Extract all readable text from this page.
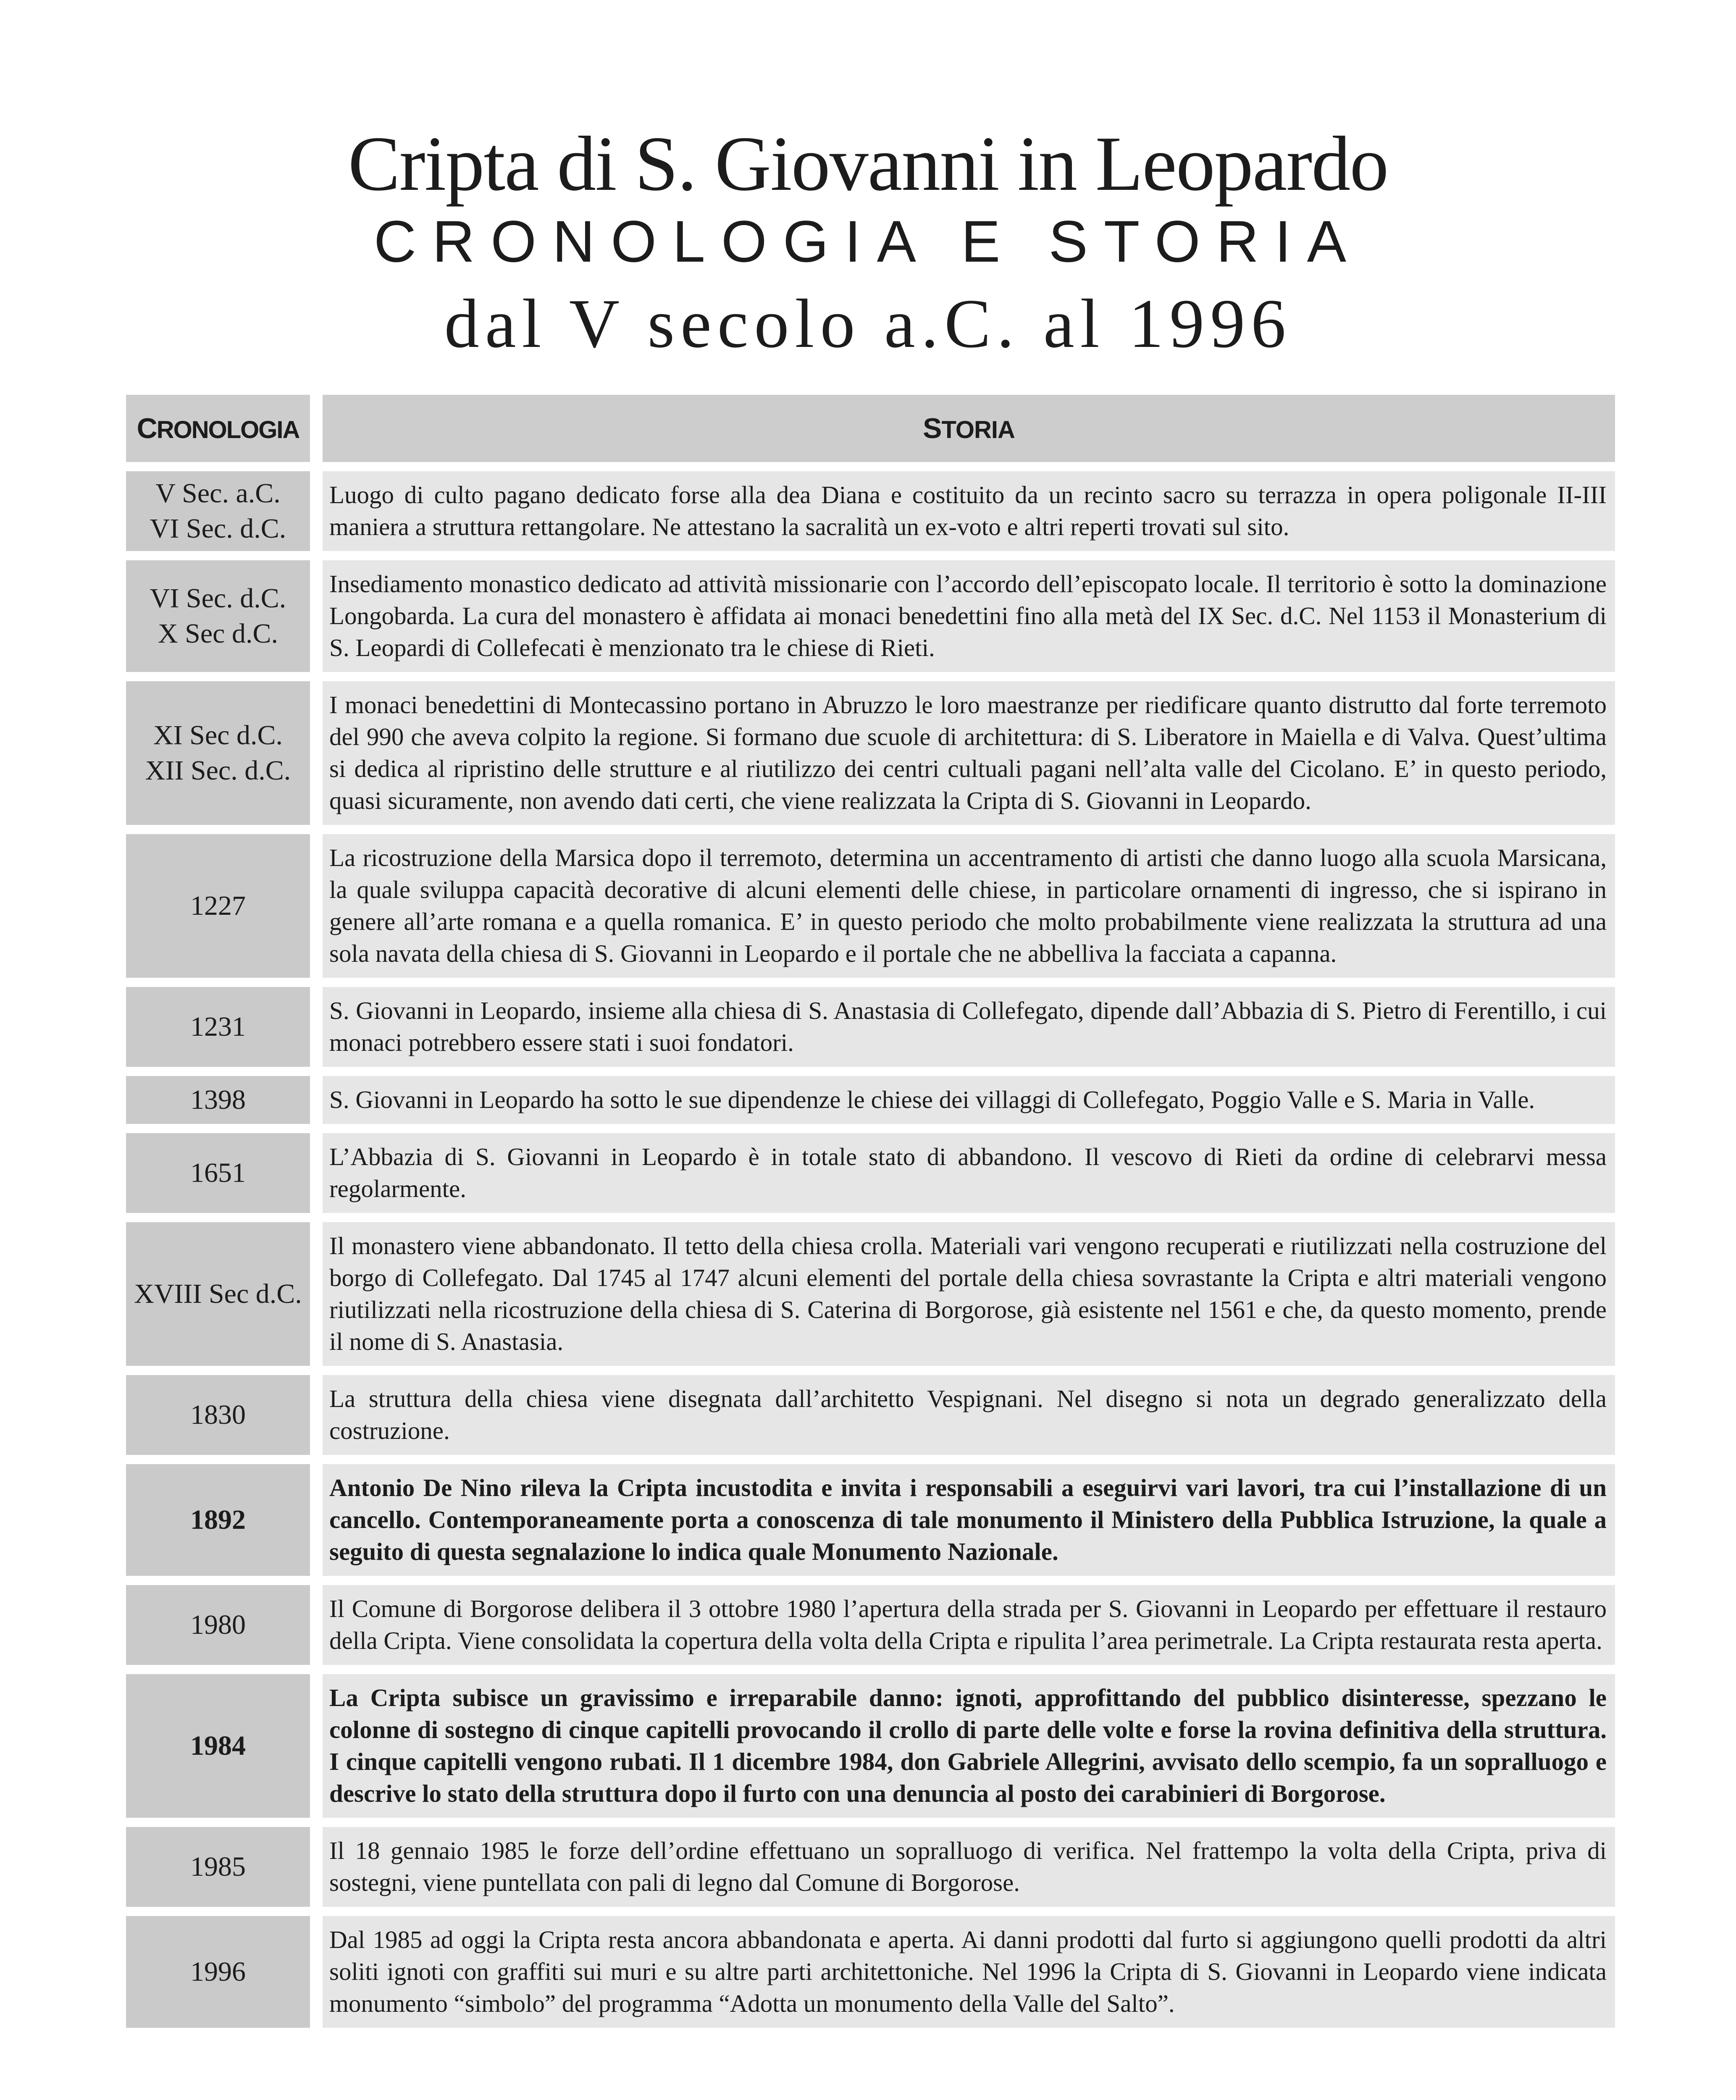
Cripta di S. Giovanni in Leopardo
CRONOLOGIA E STORIA
dal V secolo a.C. al 1996
CRONOLOGIA	STORIA
V Sec. a.C.
VI Sec. d.C.
Luogo di culto pagano dedicato forse alla dea Diana e costituito da un recinto sacro su terrazza in opera poligonale II-III maniera a struttura rettangolare. Ne attestano la sacralità un ex-voto e altri reperti trovati sul sito.
VI Sec. d.C.
X Sec d.C.
Insediamento monastico dedicato ad attività missionarie con l’accordo dell’episcopato locale. Il territorio è sotto la dominazione Longobarda. La cura del monastero è affidata ai monaci benedettini fino alla metà del IX Sec. d.C. Nel 1153 il Monasterium di S. Leopardi di Collefecati è menzionato tra le chiese di Rieti.
XI Sec d.C.
XII Sec. d.C.
I monaci benedettini di Montecassino portano in Abruzzo le loro maestranze per riedificare quanto distrutto dal forte terremoto del 990 che aveva colpito la regione. Si formano due scuole di architettura: di S. Liberatore in Maiella e di Valva. Quest’ultima si dedica al ripristino delle strutture e al riutilizzo dei centri cultuali pagani nell’alta valle del Cicolano. E’ in questo periodo, quasi sicuramente, non avendo dati certi, che viene realizzata la Cripta di S. Giovanni in Leopardo.
1227
La ricostruzione della Marsica dopo il terremoto, determina un accentramento di artisti che danno luogo alla scuola Marsicana, la quale sviluppa capacità decorative di alcuni elementi delle chiese, in particolare ornamenti di ingresso, che si ispirano in genere all’arte romana e a quella romanica. E’ in questo periodo che molto probabilmente viene realizzata la struttura ad una sola navata della chiesa di S. Giovanni in Leopardo e il portale che ne abbelliva la facciata a capanna.
1231
S. Giovanni in Leopardo, insieme alla chiesa di S. Anastasia di Collefegato, dipende dall’Abbazia di S. Pietro di Ferentillo, i cui monaci potrebbero essere stati i suoi fondatori.
1398	S. Giovanni in Leopardo ha sotto le sue dipendenze le chiese dei villaggi di Collefegato, Poggio Valle e S. Maria in Valle.
1651
L’Abbazia di S. Giovanni in Leopardo è in totale stato di abbandono. Il vescovo di Rieti da ordine di celebrarvi messa regolarmente.
XVIII Sec d.C.
Il monastero viene abbandonato. Il tetto della chiesa crolla. Materiali vari vengono recuperati e riutilizzati nella costruzione del borgo di Collefegato. Dal 1745 al 1747 alcuni elementi del portale della chiesa sovrastante la Cripta e altri materiali vengono riutilizzati nella ricostruzione della chiesa di S. Caterina di Borgorose, già esistente nel 1561 e che, da questo momento, prende il nome di S. Anastasia.
1830
La struttura della chiesa viene disegnata dall’architetto Vespignani. Nel disegno si nota un degrado generalizzato della costruzione.
1892
Antonio De Nino rileva la Cripta incustodita e invita i responsabili a eseguirvi vari lavori, tra cui l’installazione di un cancello. Contemporaneamente porta a conoscenza di tale monumento il Ministero della Pubblica Istruzione, la quale a seguito di questa segnalazione lo indica quale Monumento Nazionale.
1980
Il Comune di Borgorose delibera il 3 ottobre 1980 l’apertura della strada per S. Giovanni in Leopardo per effettuare il restauro della Cripta. Viene consolidata la copertura della volta della Cripta e ripulita l’area perimetrale. La Cripta restaurata resta aperta.
1984
La Cripta subisce un gravissimo e irreparabile danno: ignoti, approfittando del pubblico disinteresse, spezzano le colonne di sostegno di cinque capitelli provocando il crollo di parte delle volte e forse la rovina definitiva della struttura. I cinque capitelli vengono rubati. Il 1 dicembre 1984, don Gabriele Allegrini, avvisato dello scempio, fa un sopralluogo e descrive lo stato della struttura dopo il furto con una denuncia al posto dei carabinieri di Borgorose.
1985
Il 18 gennaio 1985 le forze dell’ordine effettuano un sopralluogo di verifica. Nel frattempo la volta della Cripta, priva di sostegni, viene puntellata con pali di legno dal Comune di Borgorose.
1996
Dal 1985 ad oggi la Cripta resta ancora abbandonata e aperta. Ai danni prodotti dal furto si aggiungono quelli prodotti da altri soliti ignoti con graffiti sui muri e su altre parti architettoniche. Nel 1996 la Cripta di S. Giovanni in Leopardo viene indicata monumento “simbolo” del programma “Adotta un monumento della Valle del Salto”.
